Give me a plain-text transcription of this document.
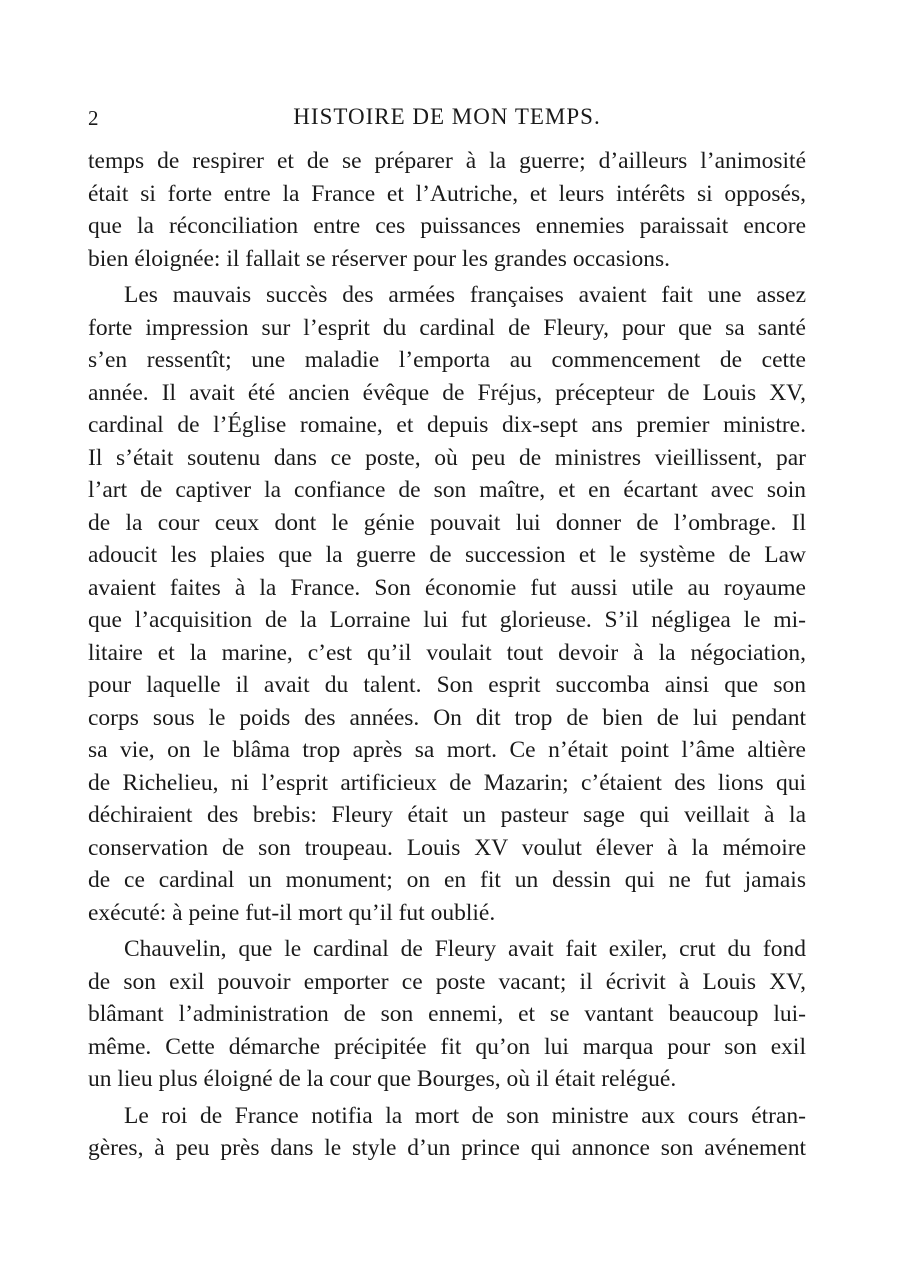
2	HISTOIRE DE MON TEMPS.
temps de respirer et de se préparer à la guerre; d’ailleurs l’animosité
était si forte entre la France et l’Autriche, et leurs intérêts si opposés,
que la réconciliation entre ces puissances ennemies paraissait encore
bien éloignée: il fallait se réserver pour les grandes occasions.
Les mauvais succès des armées françaises avaient fait une assez
forte impression sur l’esprit du cardinal de Fleury, pour que sa santé
s’en ressentît; une maladie l’emporta au commencement de cette
année. Il avait été ancien évêque de Fréjus, précepteur de Louis XV,
cardinal de l’Église romaine, et depuis dix-sept ans premier ministre.
Il s’était soutenu dans ce poste, où peu de ministres vieillissent, par
l’art de captiver la confiance de son maître, et en écartant avec soin
de la cour ceux dont le génie pouvait lui donner de l’ombrage. Il
adoucit les plaies que la guerre de succession et le système de Law
avaient faites à la France. Son économie fut aussi utile au royaume
que l’acquisition de la Lorraine lui fut glorieuse. S’il négligea le mi-
litaire et la marine, c’est qu’il voulait tout devoir à la négociation,
pour laquelle il avait du talent. Son esprit succomba ainsi que son
corps sous le poids des années. On dit trop de bien de lui pendant
sa vie, on le blâma trop après sa mort. Ce n’était point l’âme altière
de Richelieu, ni l’esprit artificieux de Mazarin; c’étaient des lions qui
déchiraient des brebis: Fleury était un pasteur sage qui veillait à la
conservation de son troupeau. Louis XV voulut élever à la mémoire
de ce cardinal un monument; on en fit un dessin qui ne fut jamais
exécuté: à peine fut-il mort qu’il fut oublié.
Chauvelin, que le cardinal de Fleury avait fait exiler, crut du fond
de son exil pouvoir emporter ce poste vacant; il écrivit à Louis XV,
blâmant l’administration de son ennemi, et se vantant beaucoup lui-
même. Cette démarche précipitée fit qu’on lui marqua pour son exil
un lieu plus éloigné de la cour que Bourges, où il était relégué.
Le roi de France notifia la mort de son ministre aux cours étran-
gères, à peu près dans le style d’un prince qui annonce son avénement
